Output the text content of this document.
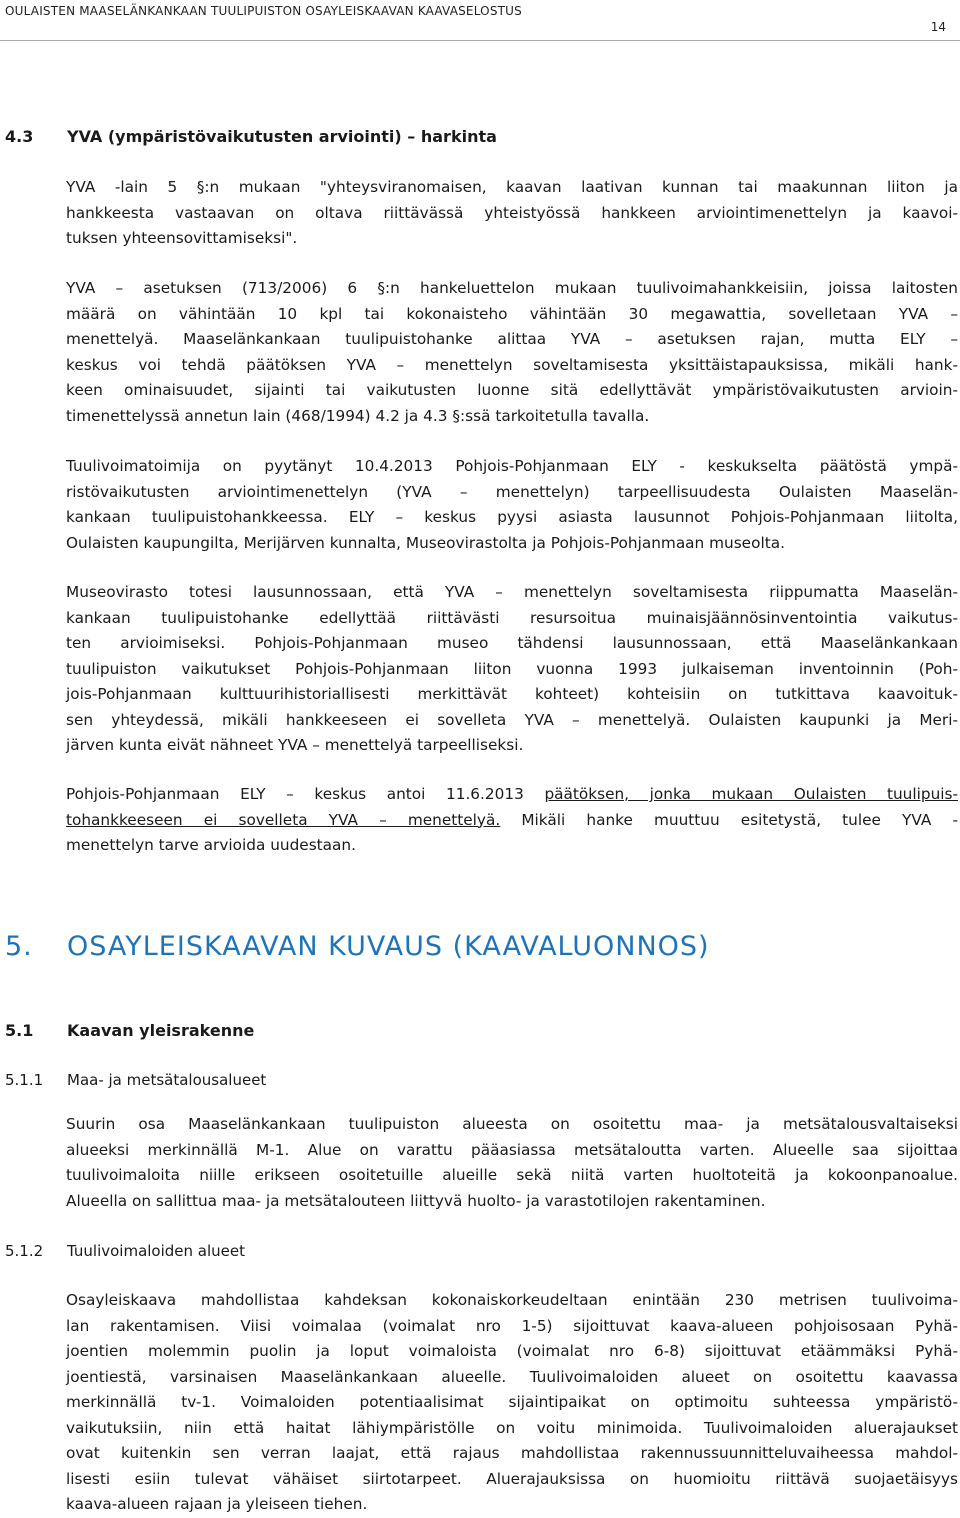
OULAISTEN MAASELÄNKANKAAN TUULIPUISTON OSAYLEISKAAVAN KAAVASELOSTUS
14
4.3 YVA (ympäristövaikutusten arviointi) – harkinta
YVA -lain 5 §:n mukaan "yhteysviranomaisen, kaavan laativan kunnan tai maakunnan liiton ja
hankkeesta vastaavan on oltava riittävässä yhteistyössä hankkeen arviointimenettelyn ja kaavoi-
tuksen yhteensovittamiseksi".
YVA – asetuksen (713/2006) 6 §:n hankeluettelon mukaan tuulivoimahankkeisiin, joissa laitosten
määrä on vähintään 10 kpl tai kokonaisteho vähintään 30 megawattia, sovelletaan YVA –
menettelyä. Maaselänkankaan tuulipuistohanke alittaa YVA – asetuksen rajan, mutta ELY –
keskus voi tehdä päätöksen YVA – menettelyn soveltamisesta yksittäistapauksissa, mikäli hank-
keen ominaisuudet, sijainti tai vaikutusten luonne sitä edellyttävät ympäristövaikutusten arvioin-
timenettelyssä annetun lain (468/1994) 4.2 ja 4.3 §:ssä tarkoitetulla tavalla.
Tuulivoimatoimija on pyytänyt 10.4.2013 Pohjois-Pohjanmaan ELY - keskukselta päätöstä ympä-
ristövaikutusten arviointimenettelyn (YVA – menettelyn) tarpeellisuudesta Oulaisten Maaselän-
kankaan tuulipuistohankkeessa. ELY – keskus pyysi asiasta lausunnot Pohjois-Pohjanmaan liitolta,
Oulaisten kaupungilta, Merijärven kunnalta, Museovirastolta ja Pohjois-Pohjanmaan museolta.
Museovirasto totesi lausunnossaan, että YVA – menettelyn soveltamisesta riippumatta Maaselän-
kankaan tuulipuistohanke edellyttää riittävästi resursoitua muinaisjäännösinventointia vaikutus-
ten arvioimiseksi. Pohjois-Pohjanmaan museo tähdensi lausunnossaan, että Maaselänkankaan
tuulipuiston vaikutukset Pohjois-Pohjanmaan liiton vuonna 1993 julkaiseman inventoinnin (Poh-
jois-Pohjanmaan kulttuurihistoriallisesti merkittävät kohteet) kohteisiin on tutkittava kaavoituk-
sen yhteydessä, mikäli hankkeeseen ei sovelleta YVA – menettelyä. Oulaisten kaupunki ja Meri-
järven kunta eivät nähneet YVA – menettelyä tarpeelliseksi.
Pohjois-Pohjanmaan ELY – keskus antoi 11.6.2013 päätöksen, jonka mukaan Oulaisten tuulipuis-
tohankkeeseen ei sovelleta YVA – menettelyä. Mikäli hanke muuttuu esitetystä, tulee YVA -
menettelyn tarve arvioida uudestaan.
5. OSAYLEISKAAVAN KUVAUS (KAAVALUONNOS)
5.1 Kaavan yleisrakenne
5.1.1 Maa- ja metsätalousalueet
Suurin osa Maaselänkankaan tuulipuiston alueesta on osoitettu maa- ja metsätalousvaltaiseksi
alueeksi merkinnällä M-1. Alue on varattu pääasiassa metsätaloutta varten. Alueelle saa sijoittaa
tuulivoimaloita niille erikseen osoitetuille alueille sekä niitä varten huoltoteitä ja kokoonpanoalue.
Alueella on sallittua maa- ja metsätalouteen liittyvä huolto- ja varastotilojen rakentaminen.
5.1.2 Tuulivoimaloiden alueet
Osayleiskaava mahdollistaa kahdeksan kokonaiskorkeudeltaan enintään 230 metrisen tuulivoima-
lan rakentamisen. Viisi voimalaa (voimalat nro 1-5) sijoittuvat kaava-alueen pohjoisosaan Pyhä-
joentien molemmin puolin ja loput voimaloista (voimalat nro 6-8) sijoittuvat etäämmäksi Pyhä-
joentiestä, varsinaisen Maaselänkankaan alueelle. Tuulivoimaloiden alueet on osoitettu kaavassa
merkinnällä tv-1. Voimaloiden potentiaalisimat sijaintipaikat on optimoitu suhteessa ympäristö-
vaikutuksiin, niin että haitat lähiympäristölle on voitu minimoida. Tuulivoimaloiden aluerajaukset
ovat kuitenkin sen verran laajat, että rajaus mahdollistaa rakennussuunnitteluvaiheessa mahdol-
lisesti esiin tulevat vähäiset siirtotarpeet. Aluerajauksissa on huomioitu riittävä suojaetäisyys
kaava-alueen rajaan ja yleiseen tiehen.
